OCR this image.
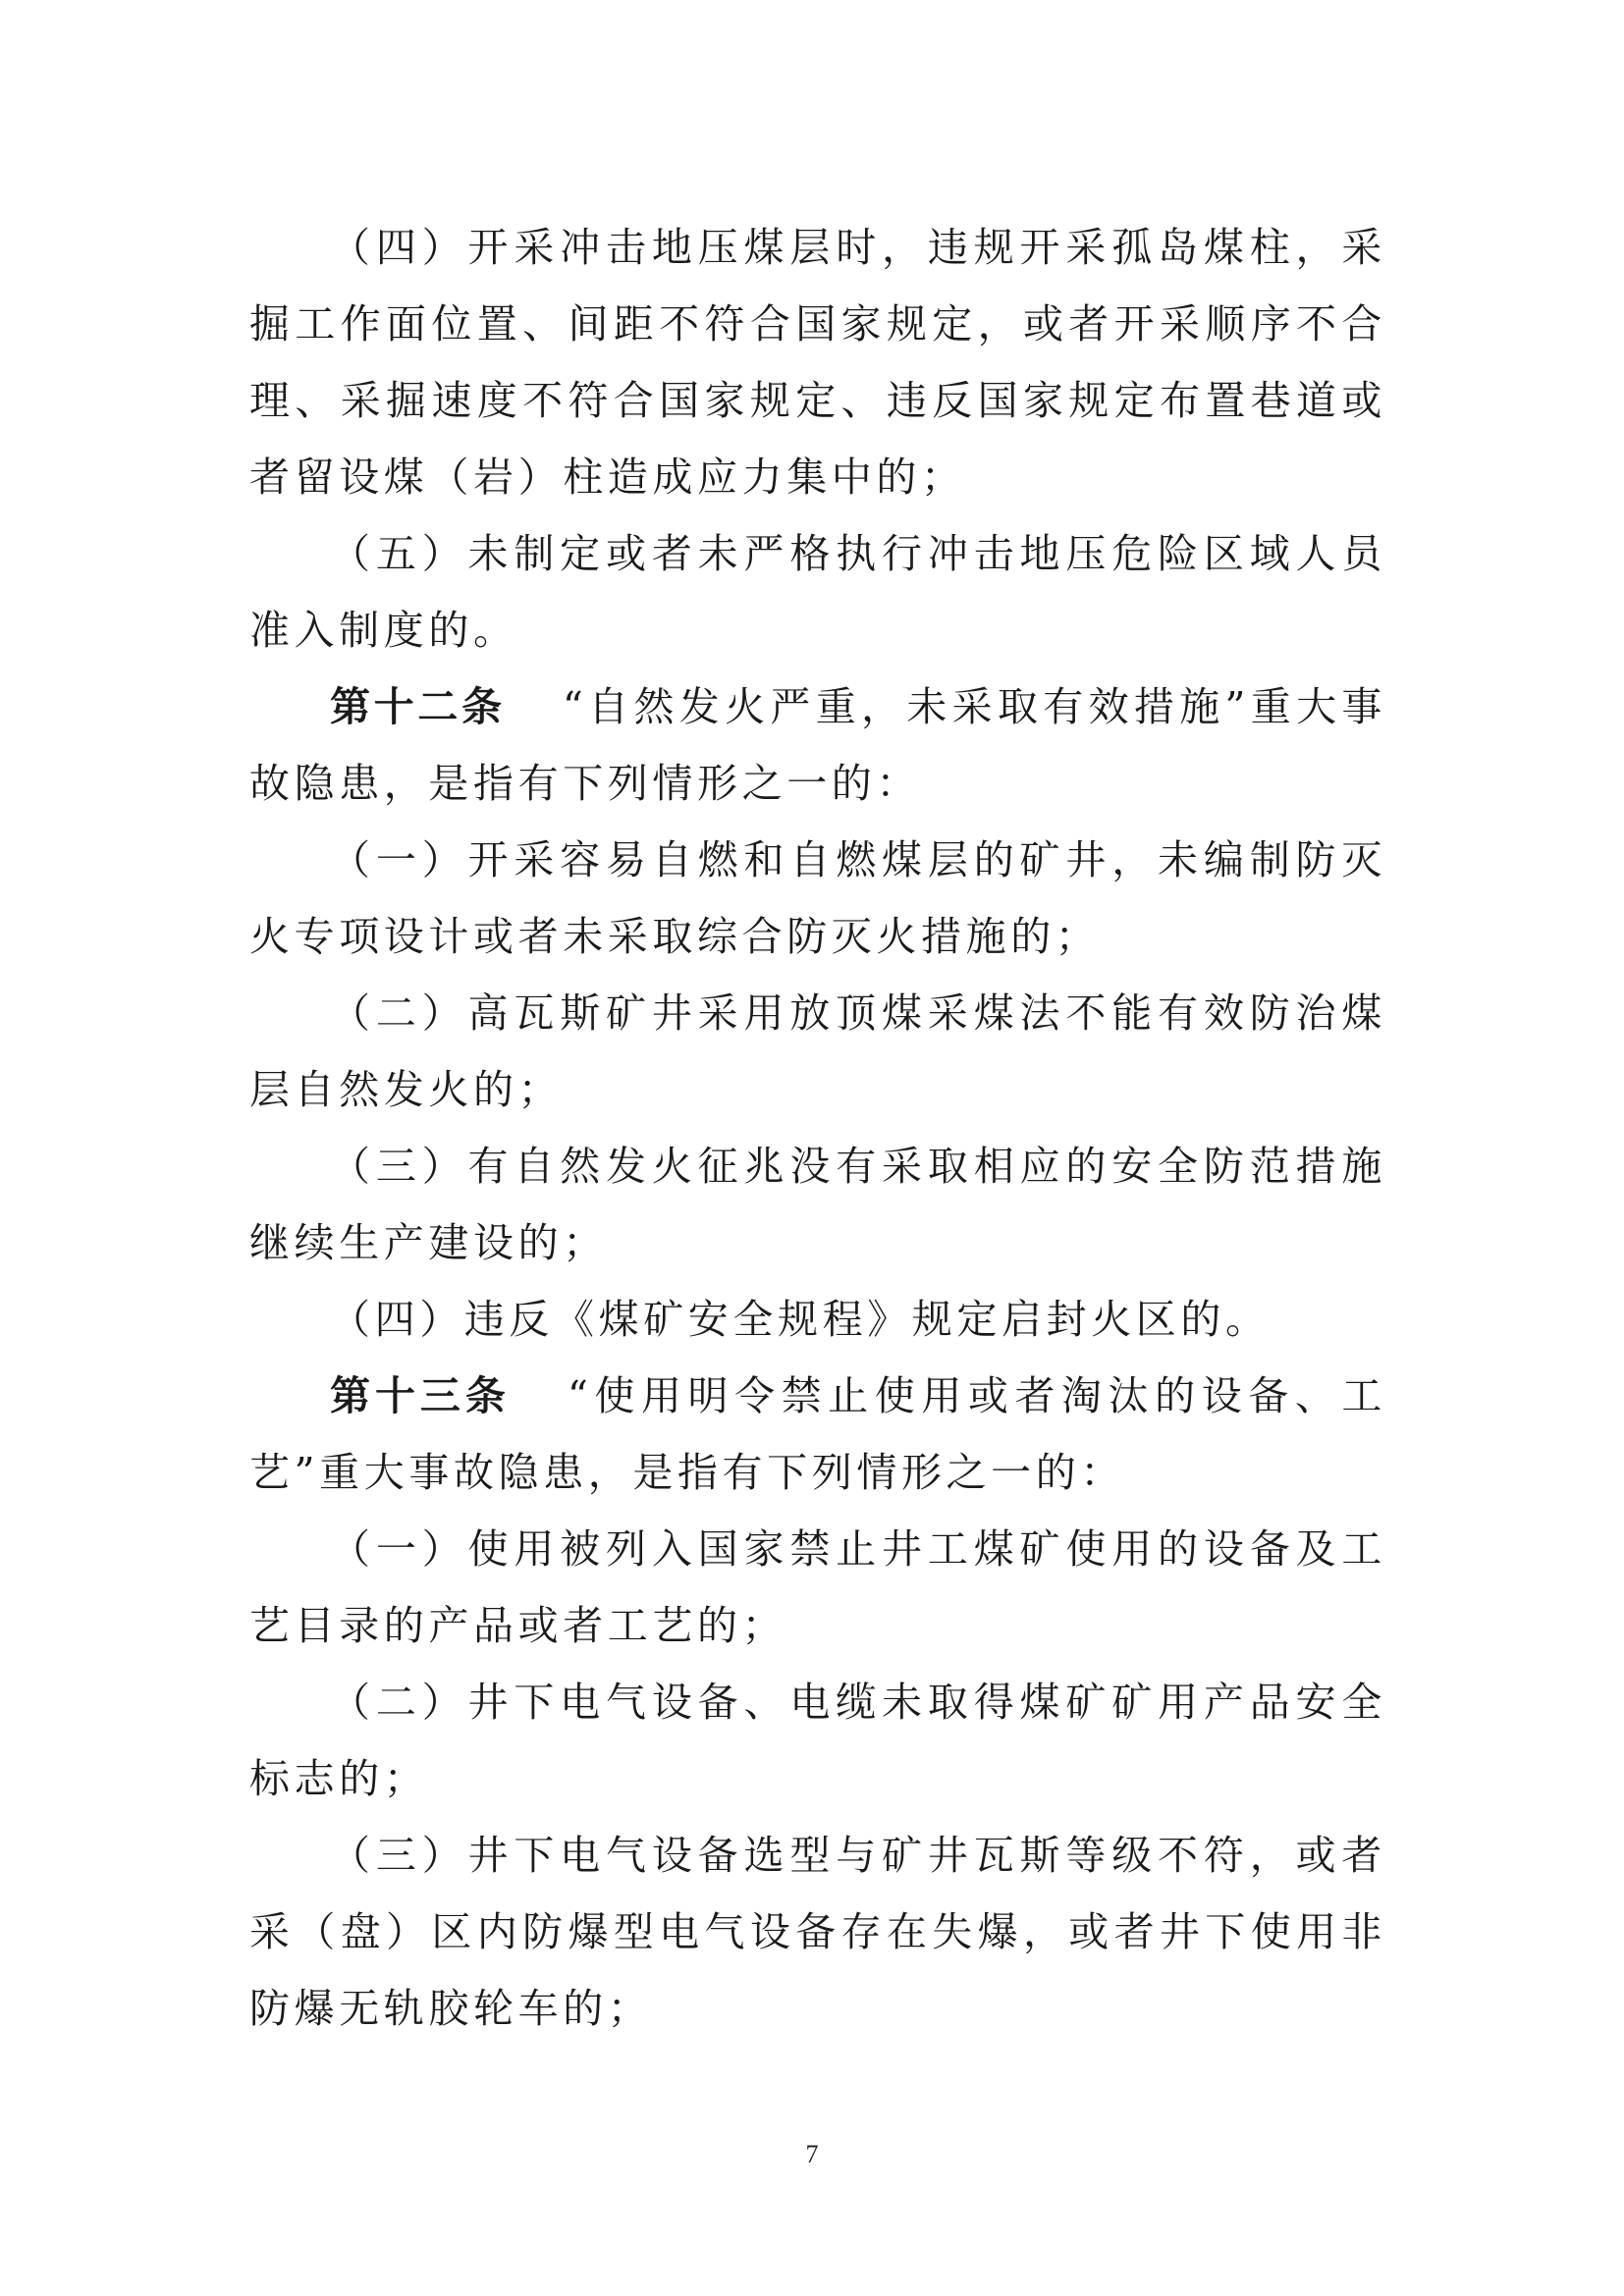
（四）开采冲击地压煤层时，违规开采孤岛煤柱，采掘工作面位置、间距不符合国家规定，或者开采顺序不合理、采掘速度不符合国家规定、违反国家规定布置巷道或者留设煤（岩）柱造成应力集中的；

（五）未制定或者未严格执行冲击地压危险区域人员准入制度的。

第十二条 “自然发火严重，未采取有效措施”重大事故隐患，是指有下列情形之一的：

（一）开采容易自燃和自燃煤层的矿井，未编制防灭火专项设计或者未采取综合防灭火措施的；

（二）高瓦斯矿井采用放顶煤采煤法不能有效防治煤层自然发火的；

（三）有自然发火征兆没有采取相应的安全防范措施继续生产建设的；

（四）违反《煤矿安全规程》规定启封火区的。

第十三条 “使用明令禁止使用或者淘汰的设备、工艺”重大事故隐患，是指有下列情形之一的：

（一）使用被列入国家禁止井工煤矿使用的设备及工艺目录的产品或者工艺的；

（二）井下电气设备、电缆未取得煤矿矿用产品安全标志的；

（三）井下电气设备选型与矿井瓦斯等级不符，或者采（盘）区内防爆型电气设备存在失爆，或者井下使用非防爆无轨胶轮车的；

7
